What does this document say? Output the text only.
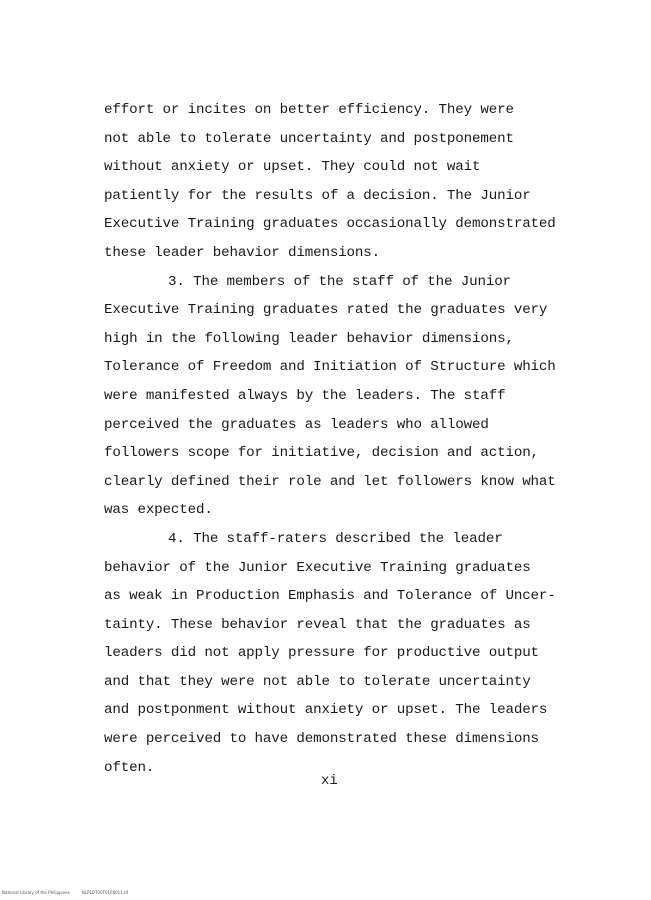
effort or incites on better efficiency. They were
not able to tolerate uncertainty and postponement
without anxiety or upset. They could not wait
patiently for the results of a decision. The Junior
Executive Training graduates occasionally demonstrated
these leader behavior dimensions.
3. The members of the staff of the Junior
Executive Training graduates rated the graduates very
high in the following leader behavior dimensions,
Tolerance of Freedom and Initiation of Structure which
were manifested always by the leaders. The staff
perceived the graduates as leaders who allowed
followers scope for initiative, decision and action,
clearly defined their role and let followers know what
was expected.
4. The staff-raters described the leader
behavior of the Junior Executive Training graduates
as weak in Production Emphasis and Tolerance of Uncer-
tainty. These behavior reveal that the graduates as
leaders did not apply pressure for productive output
and that they were not able to tolerate uncertainty
and postponment without anxiety or upset. The leaders
were perceived to have demonstrated these dimensions
often.
xi
National Library of the Philippines	NLP1DT00T0100011.tif
